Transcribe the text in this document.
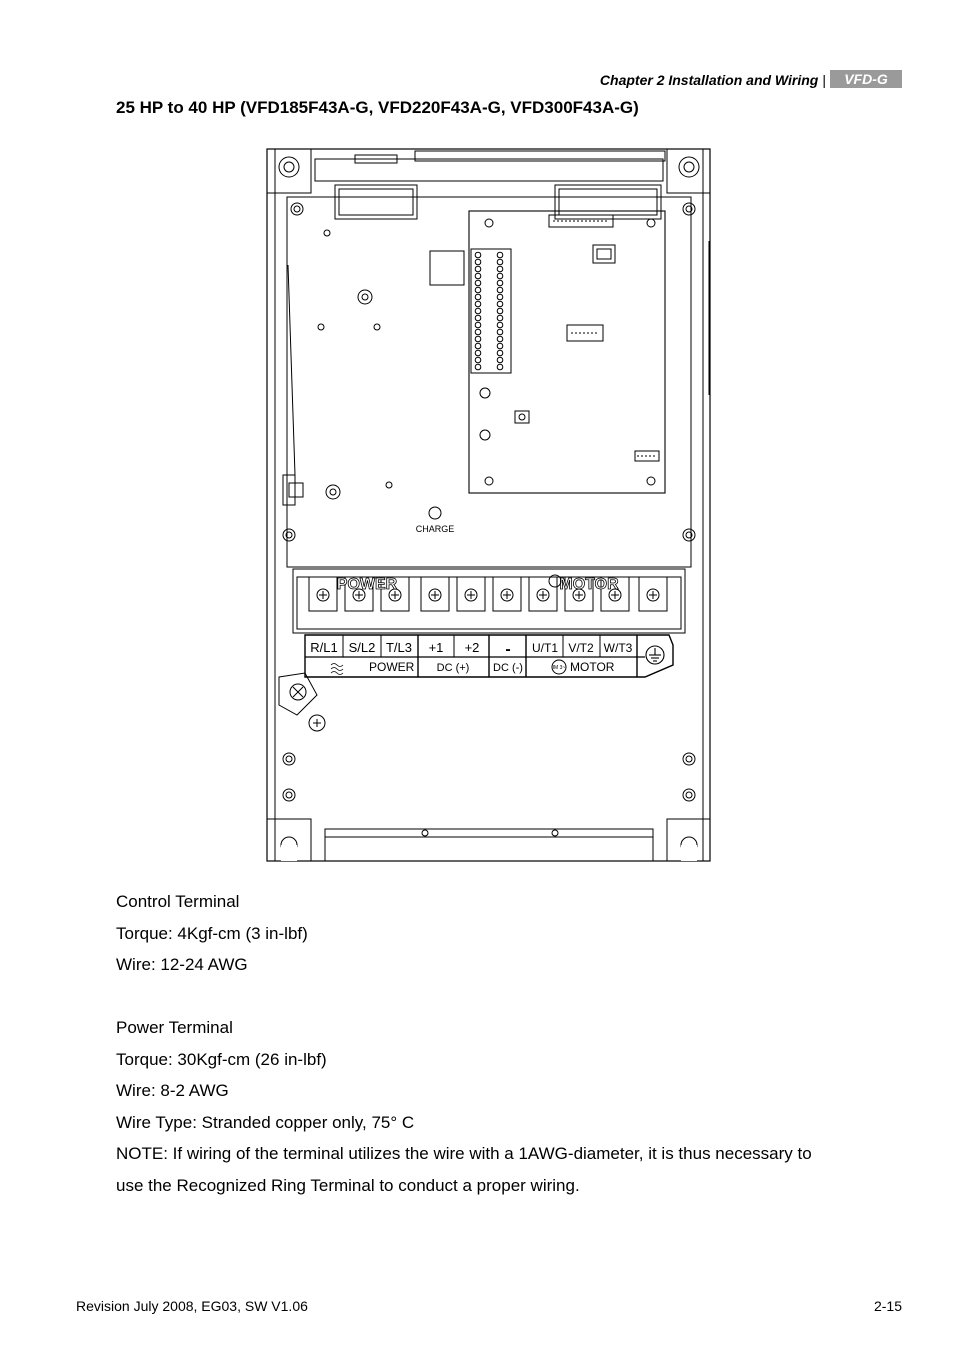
Chapter 2 Installation and Wiring | VFD-G
25 HP to 40 HP (VFD185F43A-G, VFD220F43A-G, VFD300F43A-G)
CHARGE
POWER	MOTOR
R/L1 S/L2 T/L3 +1 +2 - U/T1 V/T2 W/T3
POWER DC (+) DC (-)	IM 3~ MOTOR
Control Terminal
Torque: 4Kgf-cm (3 in-lbf)
Wire: 12-24 AWG
Power Terminal
Torque: 30Kgf-cm (26 in-lbf)
Wire: 8-2 AWG
Wire Type: Stranded copper only, 75° C
NOTE: If wiring of the terminal utilizes the wire with a 1AWG-diameter, it is thus necessary to
use the Recognized Ring Terminal to conduct a proper wiring.
Revision July 2008, EG03, SW V1.06	2-15
